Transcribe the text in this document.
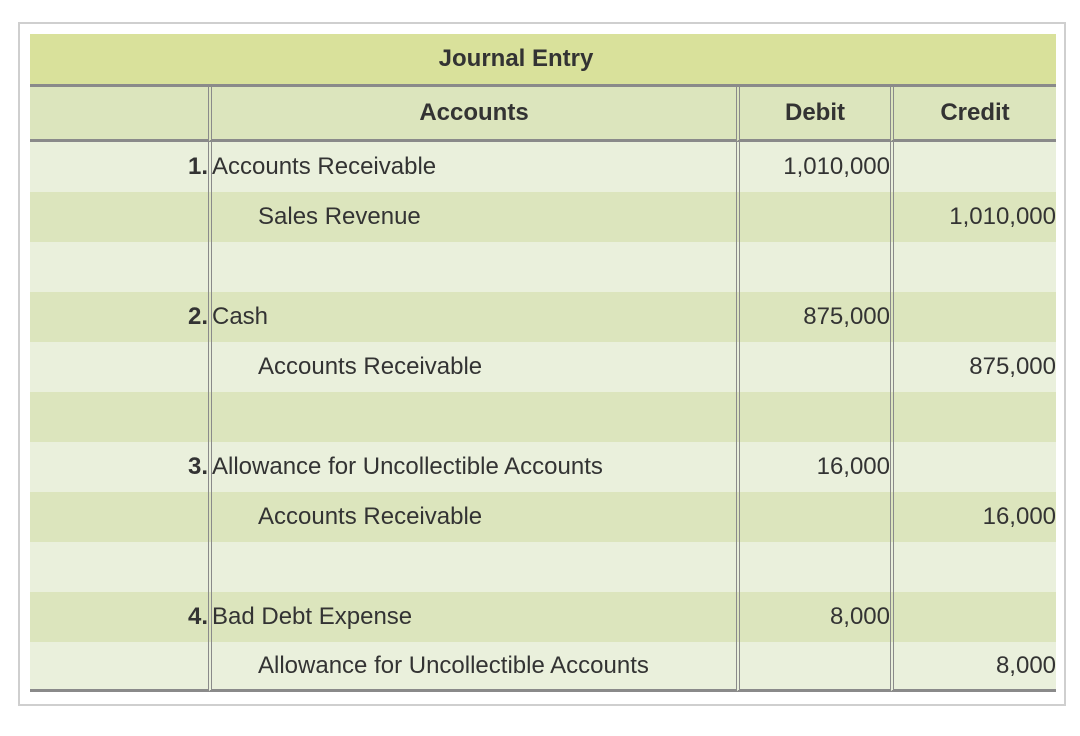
Journal Entry			
	Accounts	Debit	Credit
1.	Accounts Receivable	1,010,000	
	Sales Revenue		1,010,000

2.	Cash	875,000	
	Accounts Receivable		875,000

3.	Allowance for Uncollectible Accounts	16,000	
	Accounts Receivable		16,000

4.	Bad Debt Expense	8,000	
	Allowance for Uncollectible Accounts		8,000
